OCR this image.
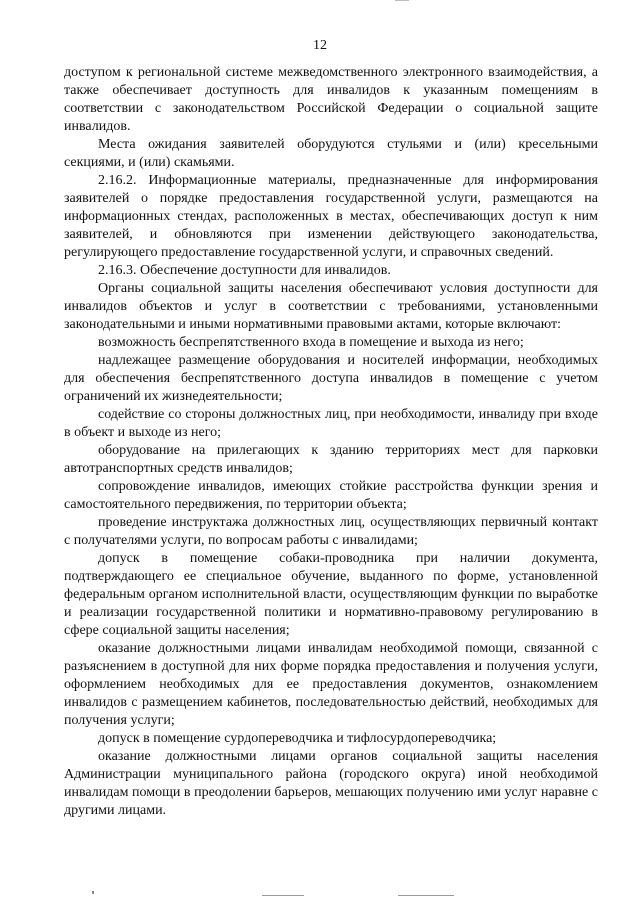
12

доступом к региональной системе межведомственного электронного взаимодействия, а также обеспечивает доступность для инвалидов к указанным помещениям в соответствии с законодательством Российской Федерации о социальной защите инвалидов.

Места ожидания заявителей оборудуются стульями и (или) кресельными секциями, и (или) скамьями.

2.16.2. Информационные материалы, предназначенные для информирования заявителей о порядке предоставления государственной услуги, размещаются на информационных стендах, расположенных в местах, обеспечивающих доступ к ним заявителей, и обновляются при изменении действующего законодательства, регулирующего предоставление государственной услуги, и справочных сведений.

2.16.3. Обеспечение доступности для инвалидов.

Органы социальной защиты населения обеспечивают условия доступности для инвалидов объектов и услуг в соответствии с требованиями, установленными законодательными и иными нормативными правовыми актами, которые включают:

возможность беспрепятственного входа в помещение и выхода из него;

надлежащее размещение оборудования и носителей информации, необходимых для обеспечения беспрепятственного доступа инвалидов в помещение с учетом ограничений их жизнедеятельности;

содействие со стороны должностных лиц, при необходимости, инвалиду при входе в объект и выходе из него;

оборудование на прилегающих к зданию территориях мест для парковки автотранспортных средств инвалидов;

сопровождение инвалидов, имеющих стойкие расстройства функции зрения и самостоятельного передвижения, по территории объекта;

проведение инструктажа должностных лиц, осуществляющих первичный контакт с получателями услуги, по вопросам работы с инвалидами;

допуск в помещение собаки-проводника при наличии документа, подтверждающего ее специальное обучение, выданного по форме, установленной федеральным органом исполнительной власти, осуществляющим функции по выработке и реализации государственной политики и нормативно-правовому регулированию в сфере социальной защиты населения;

оказание должностными лицами инвалидам необходимой помощи, связанной с разъяснением в доступной для них форме порядка предоставления и получения услуги, оформлением необходимых для ее предоставления документов, ознакомлением инвалидов с размещением кабинетов, последовательностью действий, необходимых для получения услуги;

допуск в помещение сурдопереводчика и тифлосурдопереводчика;

оказание должностными лицами органов социальной защиты населения Администрации муниципального района (городского округа) иной необходимой инвалидам помощи в преодолении барьеров, мешающих получению ими услуг наравне с другими лицами.
